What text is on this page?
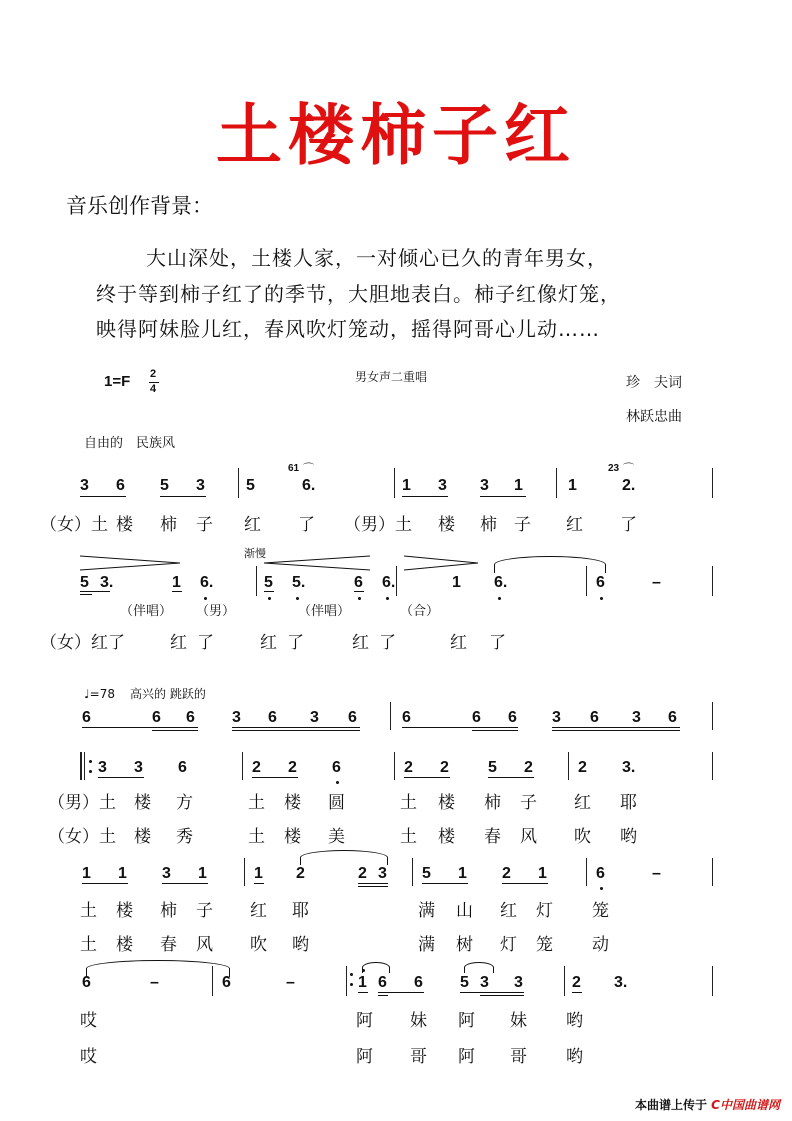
土楼柿子红
音乐创作背景：
大山深处，土楼人家，一对倾心已久的青年男女，
终于等到柿子红了的季节，大胆地表白。柿子红像灯笼，
映得阿妹脸儿红，春风吹灯笼动，摇得阿哥心儿动……
1=F 2
4
男女声二重唱	珍　夫词
林跃忠曲
自由的　民族风
3 6 5 3	5	6.	1 3 3 1	1	2.
61	23
⌒	⌒
（女）土 楼 柿 子 红 了 （男）土 楼 柿 子 红 了
渐慢
5 3.	1 6.	5 5.	6 6.	1 6.	6	–
（伴唱） （男）	（伴唱）	（合）
（女）红了	红了 红了 红了	红了
♩=78 高兴的 跳跃的
6	6 6 3 6 3 6	6	6 6 3 6 3 6
3 3 6	2 2 6	2 2 5 2	2 3.
（男）土 楼 方	土 楼 圆	土 楼 柿 子 红 耶
（女）土 楼 秀	土 楼 美	土 楼 春 风 吹 哟
1 1 3 1	1 2	2 3 5 1 2 1	6	–
土 楼 柿 子 红 耶	满 山 红 灯 笼
土 楼 春 风 吹 哟	满 树 灯 笼 动
6	–	6	–	1 6 6 5 3 3	2 3.
哎	阿 妹 阿 妹 哟
哎	阿 哥 阿 哥 哟
本曲谱上传于 C中国曲谱网
